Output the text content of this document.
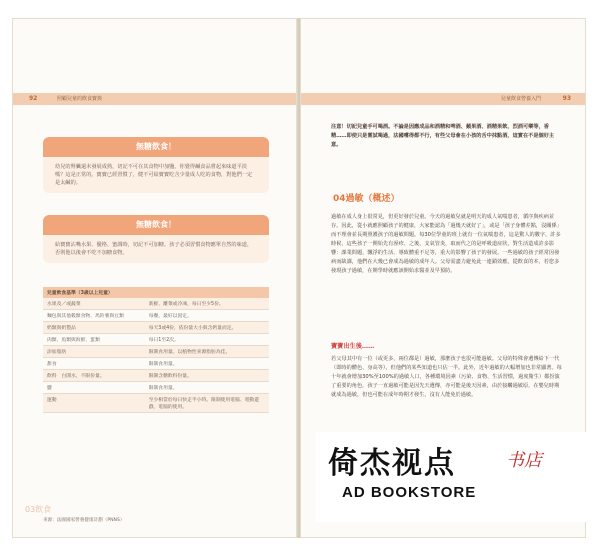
92	照顧兒童的飲食寶典
無糖飲食！
幼兒的腎臟還未發展成熟，切記不可在其食物中加鹽。你覺得鹹食品嘗起來味道平淡嗎？這是正常的。寶寶已經習慣了，健不可給寶寶吃含少量成人吃的食物，對他們一定是太鹹的。
無糖飲食！
給寶寶沾嘴水果、優格、蜜調時，切記不可加糖。孩子必須習慣食物應單自然的味道，否則他以後會不吃不加糖食物。
兒童飲食基準（3歲以上兒童）	
水果及／或蔬菜	新鮮、離菜或冷凍，每日至少5份。
麵包與其他穀類食物、馬鈴薯與豆類	每餐，最好以固定。
奶類與奶製品	每天3或4份，依份量大小與含鈣量而定。
肉類、魚類與海鮮、蛋類	每日1至2次。
添加脂肪	限制食用量。以植物性來源脂肪為佳。
甜食	限制食用量。
飲料　白開水，不限份量。	限制含糖飲料份量。
鹽	限制食用量。
運動	至少相當於每日快走半小時。限制使用電腦、電動遊戲、電腦的使用。
來源：法國國家營養健康計劃（PNNS）
03飲食
兒童飲食營養入門	93
注意！切記兒童手可喝酒。不論是因應成品和酒精和啤酒、蘋果酒、酒精果飲、烈酒可樂等，香精……即使只是嘗試喝過，法國嚐得都不行，有些父母會在小孩的舌中抹點酒，這實在不是個好主意。
04過敏（概述）
過敏在成人身上很常見，但更好發於兒童。今天的過敏兒就是明天的成人氣喘患者，循序與疾病並存。因此，從小就應照顧孩子的健康，大家能認為「過幾天就好了」，或是「孩子身體差點，沒關係」而不理會並長期照護孩子的過敏問題。每30位學童的班上就有一位氣喘患者，這是驚人的數字，許多時候，這些孩子一開始先有溼疹、之後，支氣管炎，取而代之的是呼吸道症狀，對生活造成許多影響：課業問題、飄浮的生活、導致體重不足等，重大的影響了孩子的發展。一些過敏的孩子經常因發病而缺課，他們在大幾已會成為過敏的成年人。父母需盡力避免此一連鎖效應，從飲食的本，若您多發現孩子過敏，在開學時就應該開始求醫並及早預防。
寶寶出生後……
若父母其中有一位（或更多，兩位都是）過敏，那麼孩子也很可能過敏。父母的特殊會遺傳給下一代（即時的體色、身高等），但他們的某些知道也只佔一半。此外，近年過敏的大幅增加也非常顯著。每十年就會增加30%至100%的過敏人口，各種環境因素（污染、食物、生活習慣，過度衛生）都扮演了重要的角色，孩子一直過敏可能是因先天遺傳，亦可能是後天因素，由於接觸過敏原，在嬰兒時期就成為過敏，但也可能在成年時期才發生，沒有人能免於過敏。
倚杰视点	书店
AD BOOKSTORE
